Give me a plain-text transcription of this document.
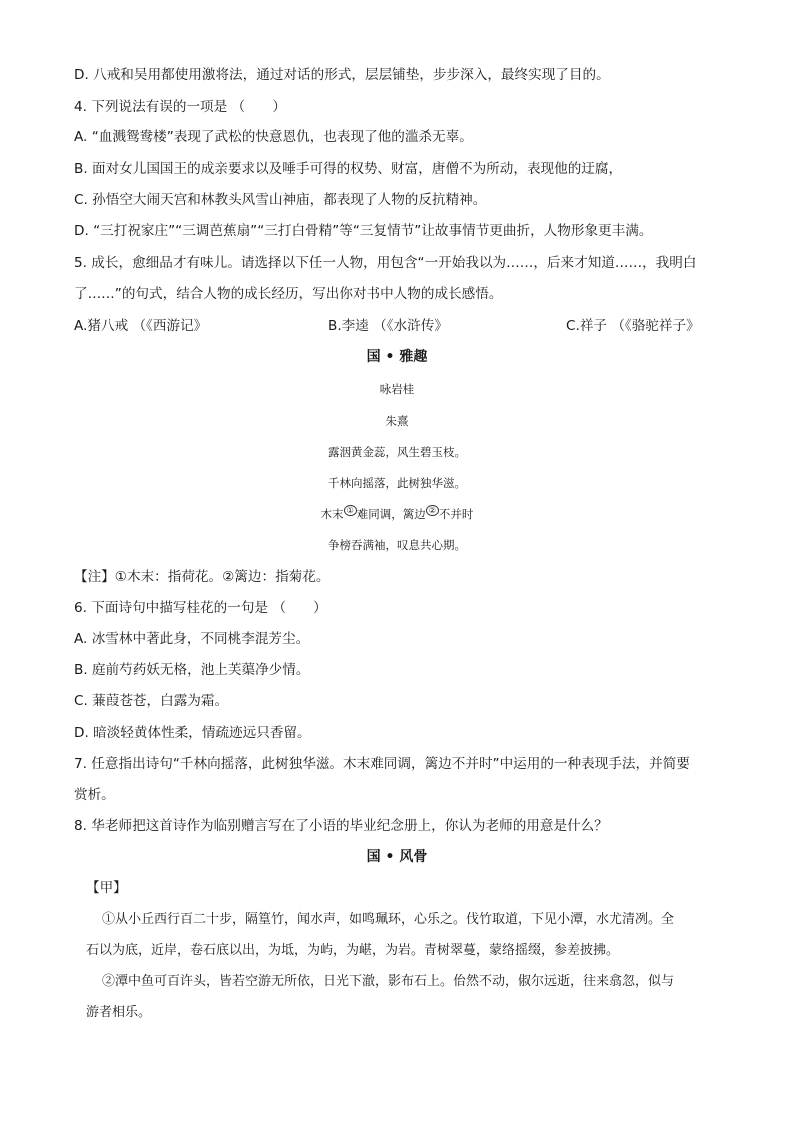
D. 八戒和吴用都使用激将法，通过对话的形式，层层铺垫，步步深入，最终实现了目的。
4. 下列说法有误的一项是 （　　）
A. “血溅鸳鸯楼”表现了武松的快意恩仇，也表现了他的滥杀无辜。
B. 面对女儿国国王的成亲要求以及唾手可得的权势、财富，唐僧不为所动，表现他的迂腐，
C. 孙悟空大闹天宫和林教头风雪山神庙，都表现了人物的反抗精神。
D. “三打祝家庄”“三调芭蕉扇”“三打白骨精”等“三复情节”让故事情节更曲折，人物形象更丰满。
5. 成长，愈细品才有味儿。请选择以下任一人物，用包含“一开始我以为……，后来才知道……，我明白
了……”的句式，结合人物的成长经历，写出你对书中人物的成长感悟。
A.猪八戒 （《西游记》	B.李逵 （《水浒传》	C.祥子 （《骆驼祥子》
国 • 雅趣
咏岩桂
朱熹
露洇黄金蕊，风生碧玉枝。
千林向摇落，此树独华滋。
木末 ① 难同调，篱边 ② 不并时
争榜吞满袖，叹息共心期。
【注】①木末：指荷花。②篱边：指菊花。
6. 下面诗句中描写桂花的一句是 （　　）
A. 冰雪林中著此身，不同桃李混芳尘。
B. 庭前芍药妖无格，池上芙蕖净少情。
C. 蒹葭苍苍，白露为霜。
D. 暗淡轻黄体性柔，情疏迹远只香留。
7. 任意指出诗句“千林向摇落，此树独华滋。木末难同调，篱边不并时”中运用的一种表现手法，并简要
赏析。
8. 华老师把这首诗作为临别赠言写在了小语的毕业纪念册上，你认为老师的用意是什么？
国 • 风骨
【甲】
①从小丘西行百二十步，隔篁竹，闻水声，如鸣珮环，心乐之。伐竹取道，下见小潭，水尤清冽。全
石以为底，近岸，卷石底以出，为坻，为屿，为嵁，为岩。青树翠蔓，蒙络摇缀，参差披拂。
②潭中鱼可百许头，皆若空游无所依，日光下澈，影布石上。佁然不动，俶尔远逝，往来翕忽，似与
游者相乐。
